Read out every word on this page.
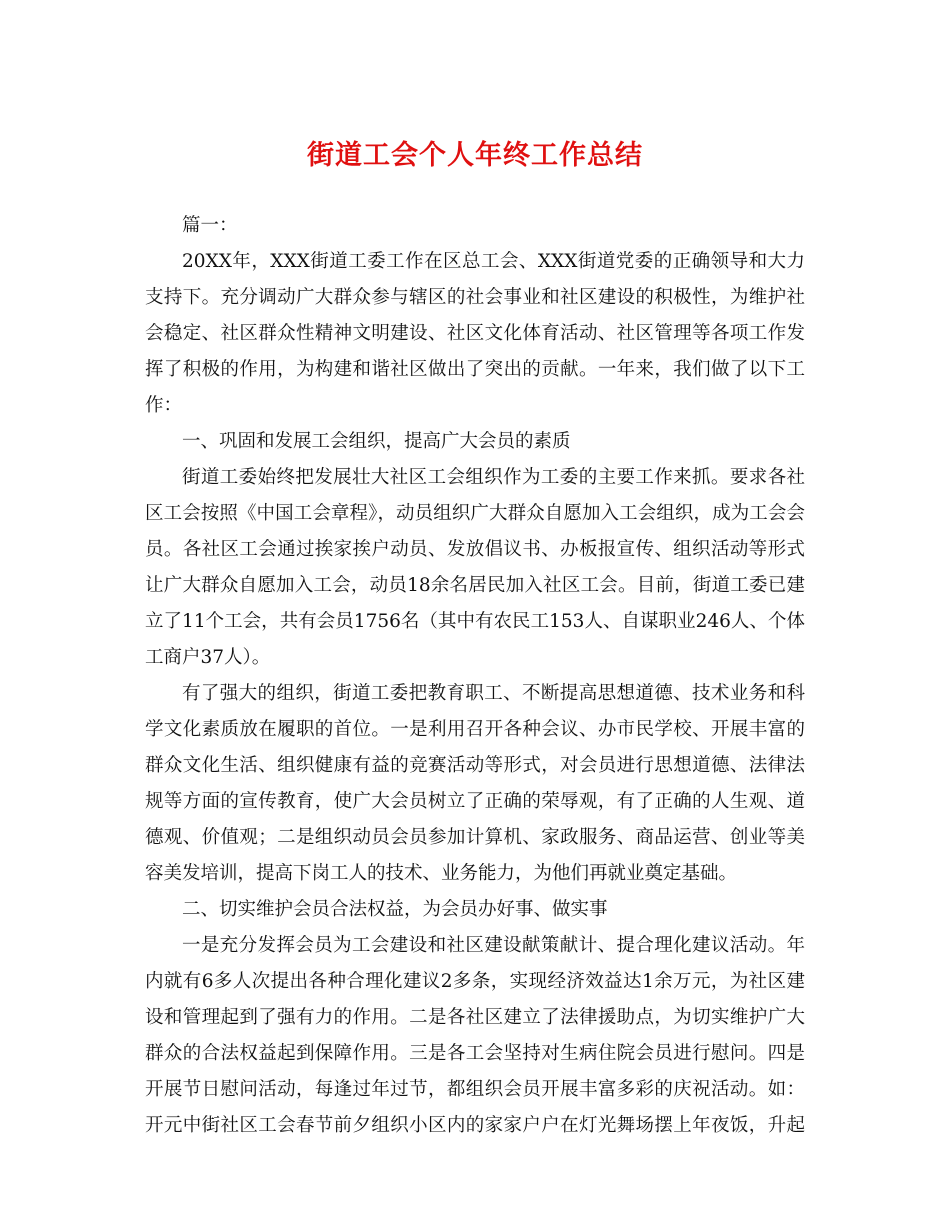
街道工会个人年终工作总结

篇一：

20XX年，XXX街道工委工作在区总工会、XXX街道党委的正确领导和大力支持下。充分调动广大群众参与辖区的社会事业和社区建设的积极性，为维护社会稳定、社区群众性精神文明建设、社区文化体育活动、社区管理等各项工作发挥了积极的作用，为构建和谐社区做出了突出的贡献。一年来，我们做了以下工作：

一、巩固和发展工会组织，提高广大会员的素质

街道工委始终把发展壮大社区工会组织作为工委的主要工作来抓。要求各社区工会按照《中国工会章程》，动员组织广大群众自愿加入工会组织，成为工会会员。各社区工会通过挨家挨户动员、发放倡议书、办板报宣传、组织活动等形式让广大群众自愿加入工会，动员18余名居民加入社区工会。目前，街道工委已建立了11个工会，共有会员1756名（其中有农民工153人、自谋职业246人、个体工商户37人）。

有了强大的组织，街道工委把教育职工、不断提高思想道德、技术业务和科学文化素质放在履职的首位。一是利用召开各种会议、办市民学校、开展丰富的群众文化生活、组织健康有益的竞赛活动等形式，对会员进行思想道德、法律法规等方面的宣传教育，使广大会员树立了正确的荣辱观，有了正确的人生观、道德观、价值观；二是组织动员会员参加计算机、家政服务、商品运营、创业等美容美发培训，提高下岗工人的技术、业务能力，为他们再就业奠定基础。

二、切实维护会员合法权益，为会员办好事、做实事

一是充分发挥会员为工会建设和社区建设献策献计、提合理化建议活动。年内就有6多人次提出各种合理化建议2多条，实现经济效益达1余万元，为社区建设和管理起到了强有力的作用。二是各社区建立了法律援助点，为切实维护广大群众的合法权益起到保障作用。三是各工会坚持对生病住院会员进行慰问。四是开展节日慰问活动，每逢过年过节，都组织会员开展丰富多彩的庆祝活动。如：开元中街社区工会春节前夕组织小区内的家家户户在灯光舞场摆上年夜饭，升起
